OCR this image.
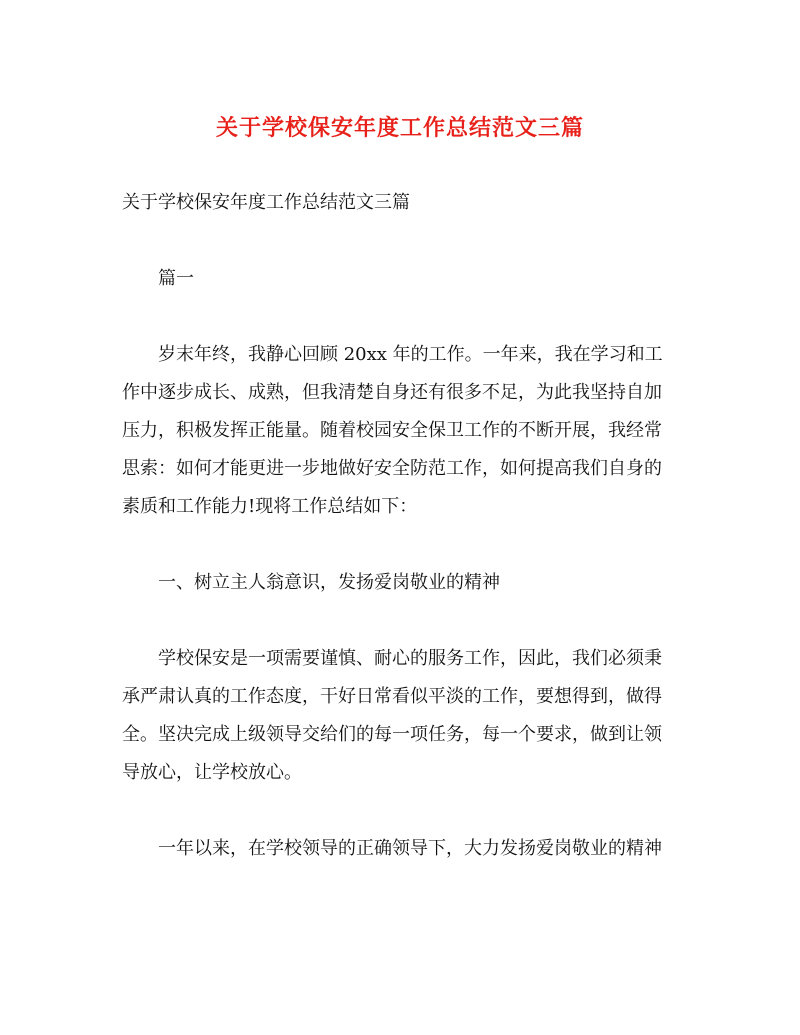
关于学校保安年度工作总结范文三篇

关于学校保安年度工作总结范文三篇

篇一

岁末年终，我静心回顾 20xx 年的工作。一年来，我在学习和工

作中逐步成长、成熟，但我清楚自身还有很多不足，为此我坚持自加

压力，积极发挥正能量。随着校园安全保卫工作的不断开展，我经常

思索：如何才能更进一步地做好安全防范工作，如何提高我们自身的

素质和工作能力!现将工作总结如下：

一、树立主人翁意识，发扬爱岗敬业的精神

学校保安是一项需要谨慎、耐心的服务工作，因此，我们必须秉

承严肃认真的工作态度，干好日常看似平淡的工作，要想得到，做得

全。坚决完成上级领导交给们的每一项任务，每一个要求，做到让领

导放心，让学校放心。

一年以来，在学校领导的正确领导下，大力发扬爱岗敬业的精神
